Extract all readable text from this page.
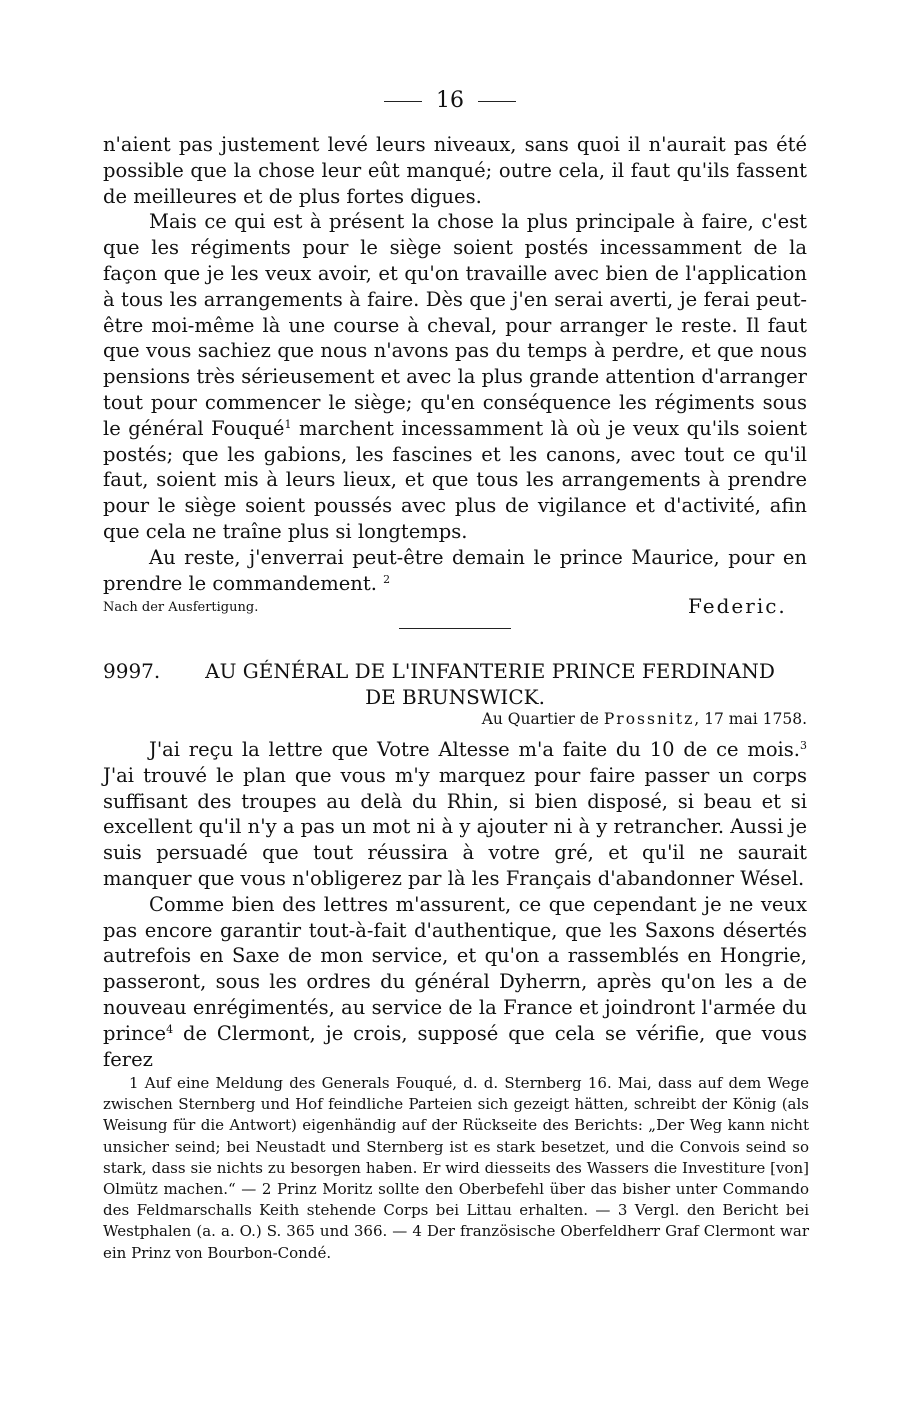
16

n'aient pas justement levé leurs niveaux, sans quoi il n'aurait pas été possible que la chose leur eût manqué; outre cela, il faut qu'ils fassent de meilleures et de plus fortes digues.

Mais ce qui est à présent la chose la plus principale à faire, c'est que les régiments pour le siège soient postés incessamment de la façon que je les veux avoir, et qu'on travaille avec bien de l'application à tous les arrangements à faire. Dès que j'en serai averti, je ferai peut-être moi-même là une course à cheval, pour arranger le reste. Il faut que vous sachiez que nous n'avons pas du temps à perdre, et que nous pensions très sérieusement et avec la plus grande attention d'arranger tout pour commencer le siège; qu'en conséquence les régiments sous le général Fouqué$^1$ marchent incessamment là où je veux qu'ils soient postés; que les gabions, les fascines et les canons, avec tout ce qu'il faut, soient mis à leurs lieux, et que tous les arrangements à prendre pour le siège soient poussés avec plus de vigilance et d'activité, afin que cela ne traîne plus si longtemps.

Au reste, j'enverrai peut-être demain le prince Maurice, pour en prendre le commandement. $^2$

Nach der Ausfertigung.	Federic.
9997.	AU GÉNÉRAL DE L'INFANTERIE PRINCE FERDINAND
DE BRUNSWICK.
Au Quartier de Prossnitz, 17 mai 1758.

J'ai reçu la lettre que Votre Altesse m'a faite du 10 de ce mois.$^3$ J'ai trouvé le plan que vous m'y marquez pour faire passer un corps suffisant des troupes au delà du Rhin, si bien disposé, si beau et si excellent qu'il n'y a pas un mot ni à y ajouter ni à y retrancher. Aussi je suis persuadé que tout réussira à votre gré, et qu'il ne saurait manquer que vous n'obligerez par là les Français d'abandonner Wésel.

Comme bien des lettres m'assurent, ce que cependant je ne veux pas encore garantir tout-à-fait d'authentique, que les Saxons désertés autrefois en Saxe de mon service, et qu'on a rassemblés en Hongrie, passeront, sous les ordres du général Dyherrn, après qu'on les a de nouveau enrégimentés, au service de la France et joindront l'armée du prince$^4$ de Clermont, je crois, supposé que cela se vérifie, que vous ferez

1 Auf eine Meldung des Generals Fouqué, d. d. Sternberg 16. Mai, dass auf dem Wege zwischen Sternberg und Hof feindliche Parteien sich gezeigt hätten, schreibt der König (als Weisung für die Antwort) eigenhändig auf der Rückseite des Berichts: „Der Weg kann nicht unsicher seind; bei Neustadt und Sternberg ist es stark besetzet, und die Convois seind so stark, dass sie nichts zu besorgen haben. Er wird diesseits des Wassers die Investiture [von] Olmütz machen.“ — 2 Prinz Moritz sollte den Oberbefehl über das bisher unter Commando des Feldmarschalls Keith stehende Corps bei Littau erhalten. — 3 Vergl. den Bericht bei Westphalen (a. a. O.) S. 365 und 366. — 4 Der französische Oberfeldherr Graf Clermont war ein Prinz von Bourbon-Condé.
